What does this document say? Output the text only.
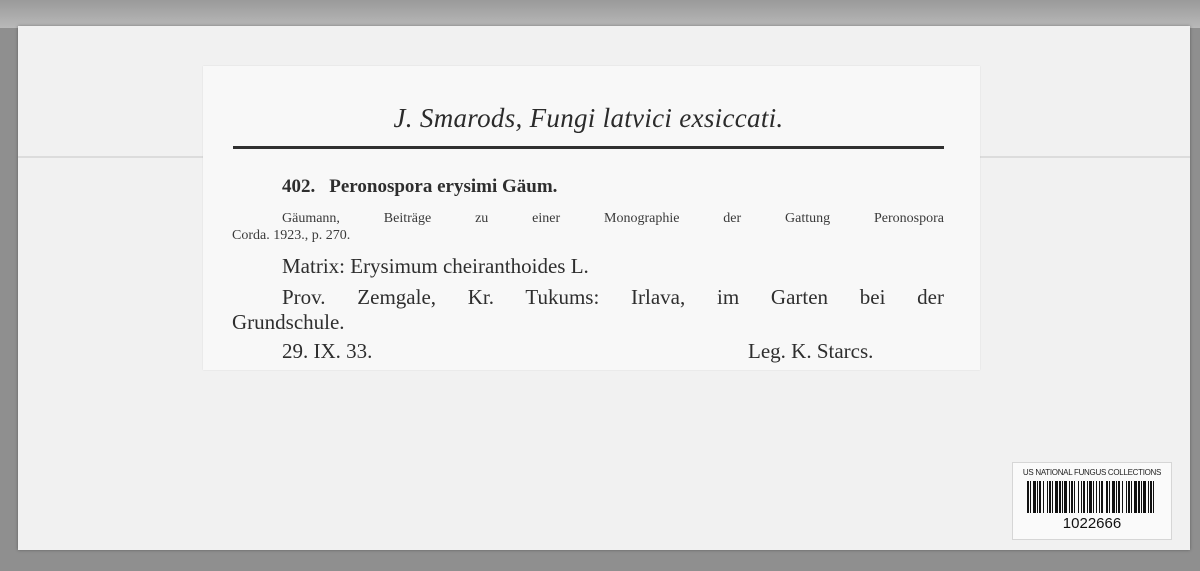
J. Smarods, Fungi latvici exsiccati.
402. Peronospora erysimi Gäum.
Gäumann, Beiträge zu einer Monographie der Gattung Peronospora
Corda. 1923., p. 270.
Matrix: Erysimum cheiranthoides L.
Prov. Zemgale, Kr. Tukums: Irlava, im Garten bei der
Grundschule.
29. IX. 33.	Leg. K. Starcs.
US NATIONAL FUNGUS COLLECTIONS
1022666
